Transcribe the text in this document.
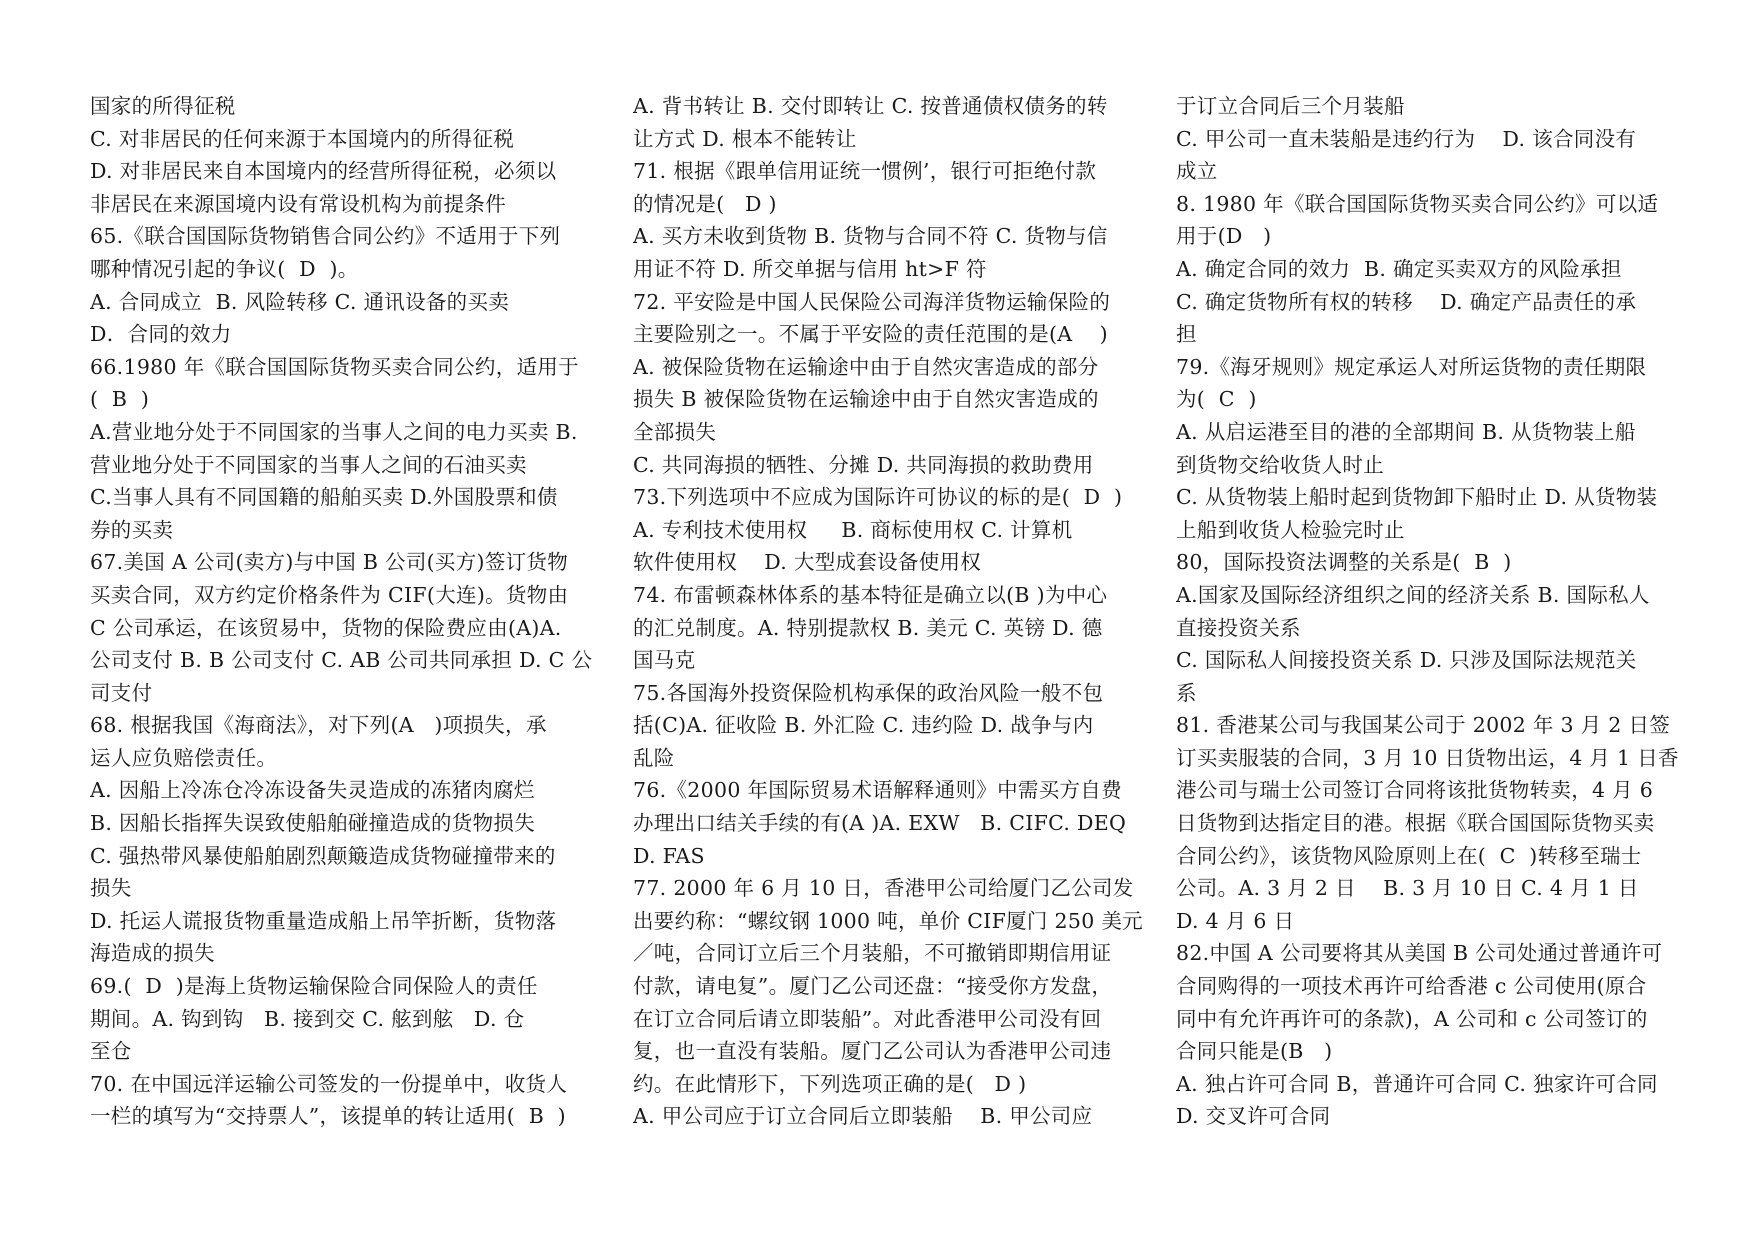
国家的所得征税
C. 对非居民的任何来源于本国境内的所得征税
D. 对非居民来自本国境内的经营所得征税，必须以
非居民在来源国境内设有常设机构为前提条件
65.《联合国国际货物销售合同公约》不适用于下列
哪种情况引起的争议(  D  )。
A. 合同成立  B. 风险转移 C. 通讯设备的买卖
D．合同的效力
66.1980 年《联合国国际货物买卖合同公约，适用于
(  B  )
A.营业地分处于不同国家的当事人之间的电力买卖 B.
营业地分处于不同国家的当事人之间的石油买卖
C.当事人具有不同国籍的船舶买卖 D.外国股票和债
券的买卖
67.美国 A 公司(卖方)与中国 B 公司(买方)签订货物
买卖合同，双方约定价格条件为 CIF(大连)。货物由
C 公司承运，在该贸易中，货物的保险费应由(A)A.
公司支付 B. B 公司支付 C. AB 公司共同承担 D. C 公
司支付
68. 根据我国《海商法》，对下列(A   )项损失，承
运人应负赔偿责任。
A. 因船上冷冻仓冷冻设备失灵造成的冻猪肉腐烂
B. 因船长指挥失误致使船舶碰撞造成的货物损失
C. 强热带风暴使船舶剧烈颠簸造成货物碰撞带来的
损失
D. 托运人谎报货物重量造成船上吊竿折断，货物落
海造成的损失
69.(  D  )是海上货物运输保险合同保险人的责任
期间。A. 钩到钩   B. 接到交 C. 舷到舷   D. 仓
至仓
70. 在中国远洋运输公司签发的一份提单中，收货人
一栏的填写为“交持票人”，该提单的转让适用(  B  )
A. 背书转让 B. 交付即转让 C. 按普通债权债务的转
让方式 D. 根本不能转让
71. 根据《跟单信用证统一惯例’，银行可拒绝付款
的情况是(   D )
A. 买方未收到货物 B. 货物与合同不符 C. 货物与信
用证不符 D. 所交单据与信用 ht>F 符
72. 平安险是中国人民保险公司海洋货物运输保险的
主要险别之一。不属于平安险的责任范围的是(A    )
A. 被保险货物在运输途中由于自然灾害造成的部分
损失 B 被保险货物在运输途中由于自然灾害造成的
全部损失
C. 共同海损的牺牲、分摊 D. 共同海损的救助费用
73.下列选项中不应成为国际许可协议的标的是(  D  )
A. 专利技术使用权     B. 商标使用权 C. 计算机
软件使用权    D. 大型成套设备使用权
74. 布雷顿森林体系的基本特征是确立以(B )为中心
的汇兑制度。A. 特别提款权 B. 美元 C. 英镑 D. 德
国马克
75.各国海外投资保险机构承保的政治风险一般不包
括(C)A. 征收险 B. 外汇险 C. 违约险 D. 战争与内
乱险
76.《2000 年国际贸易术语解释通则》中需买方自费
办理出口结关手续的有(A )A. EXW   B. CIFC. DEQ
D. FAS
77. 2000 年 6 月 10 日，香港甲公司给厦门乙公司发
出要约称：“螺纹钢 1000 吨，单价 CIF厦门 250 美元
／吨，合同订立后三个月装船，不可撤销即期信用证
付款，请电复”。厦门乙公司还盘：“接受你方发盘，
在订立合同后请立即装船”。对此香港甲公司没有回
复，也一直没有装船。厦门乙公司认为香港甲公司违
约。在此情形下，下列选项正确的是(   D )
A. 甲公司应于订立合同后立即装船    B. 甲公司应
于订立合同后三个月装船
C. 甲公司一直未装船是违约行为    D. 该合同没有
成立
8. 1980 年《联合国国际货物买卖合同公约》可以适
用于(D   )
A. 确定合同的效力  B. 确定买卖双方的风险承担
C. 确定货物所有权的转移    D. 确定产品责任的承
担
79.《海牙规则》规定承运人对所运货物的责任期限
为(  C  )
A. 从启运港至目的港的全部期间 B. 从货物装上船
到货物交给收货人时止
C. 从货物装上船时起到货物卸下船时止 D. 从货物装
上船到收货人检验完时止
80，国际投资法调整的关系是(  B  )
A.国家及国际经济组织之间的经济关系 B. 国际私人
直接投资关系
C. 国际私人间接投资关系 D. 只涉及国际法规范关
系
81. 香港某公司与我国某公司于 2002 年 3 月 2 日签
订买卖服装的合同，3 月 10 日货物出运，4 月 1 日香
港公司与瑞士公司签订合同将该批货物转卖，4 月 6
日货物到达指定目的港。根据《联合国国际货物买卖
合同公约》，该货物风险原则上在(  C  )转移至瑞士
公司。A. 3 月 2 日    B. 3 月 10 日 C. 4 月 1 日
D. 4 月 6 日
82.中国 A 公司要将其从美国 B 公司处通过普通许可
合同购得的一项技术再许可给香港 c 公司使用(原合
同中有允许再许可的条款)，A 公司和 c 公司签订的
合同只能是(B   )
A. 独占许可合同 B，普通许可合同 C. 独家许可合同
D. 交叉许可合同
